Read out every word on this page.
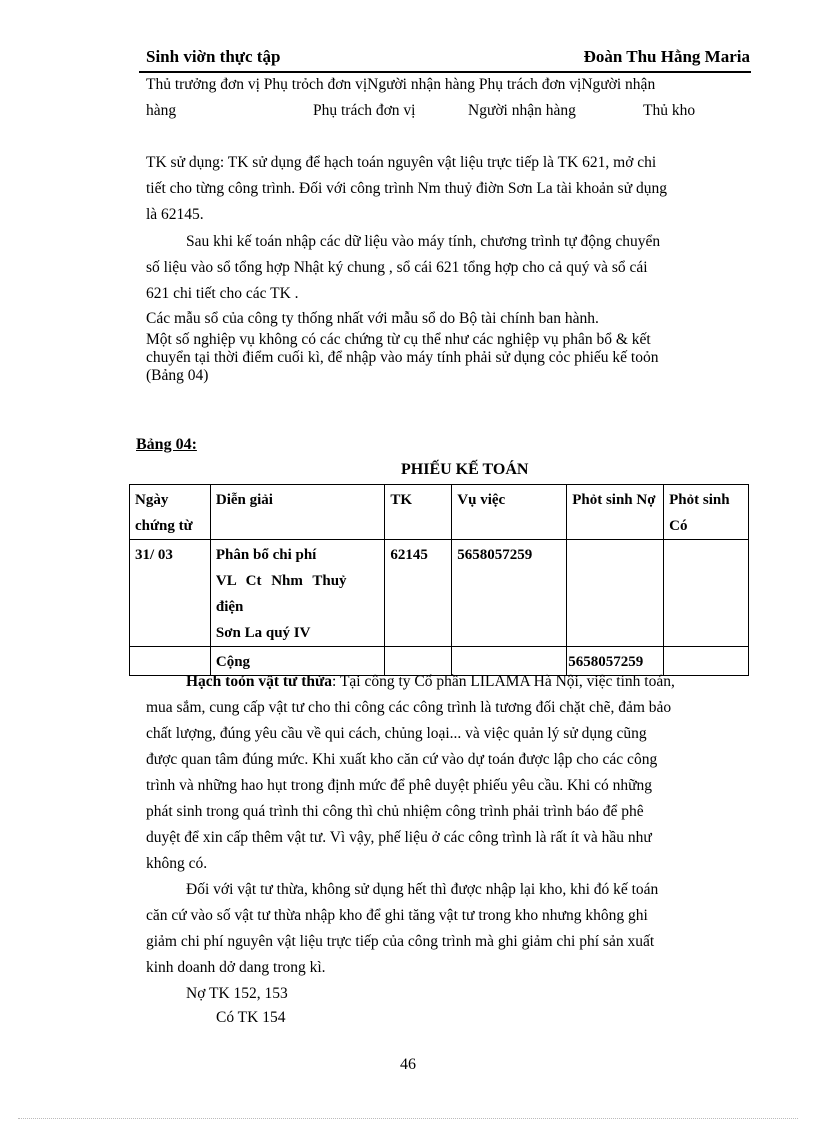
Sinh viờn thực tập	Đoàn Thu Hằng Maria
Thủ trưởng đơn vị Phụ trỏch đơn vịNgười nhận hàng Phụ trách đơn vịNgười nhận
hàng	Phụ trách đơn vị	Người nhận hàng	Thủ kho
TK sử dụng: TK sử dụng để hạch toán nguyên vật liệu trực tiếp là TK 621, mở chi
tiết cho từng công trình. Đối với công trình Nm thuỷ điờn Sơn La tài khoản sử dụng
là 62145.
Sau khi kế toán nhập các dữ liệu vào máy tính, chương trình tự động chuyển
số liệu vào sổ tổng hợp Nhật ký chung , sổ cái 621 tổng hợp cho cả quý và sổ cái
621 chi tiết cho các TK .
Các mẫu sổ của công ty thống nhất với mẫu sổ do Bộ tài chính ban hành.
Một số nghiệp vụ không có các chứng từ cụ thể như các nghiệp vụ phân bổ & kết
chuyển tại thời điểm cuối kì, để nhập vào máy tính phải sử dụng cỏc phiếu kế toỏn
(Bảng 04)
Bảng 04:
PHIẾU KẾ TOÁN
Ngày chứng từ	Diễn giải	TK	Vụ việc	Phỏt sinh Nợ	Phỏt sinh Có
31/ 03	Phân bổ chi phí
VL Ct Nhm Thuỷ
điện
Sơn La quý IV	62145	5658057259		
	Cộng			5658057259	
Hạch toỏn vật tư thừa: Tại công ty Cổ phần LILAMA Hà Nội, việc tính toán,
mua sắm, cung cấp vật tư cho thi công các công trình là tương đối chặt chẽ, đảm bảo
chất lượng, đúng yêu cầu về qui cách, chủng loại... và việc quản lý sử dụng cũng
được quan tâm đúng mức. Khi xuất kho căn cứ vào dự toán được lập cho các công
trình và những hao hụt trong định mức để phê duyệt phiếu yêu cầu. Khi có những
phát sinh trong quá trình thi công thì chủ nhiệm công trình phải trình báo để phê
duyệt để xin cấp thêm vật tư. Vì vậy, phế liệu ở các công trình là rất ít và hầu như
không có.
Đối với vật tư thừa, không sử dụng hết thì được nhập lại kho, khi đó kế toán
căn cứ vào số vật tư thừa nhập kho để ghi tăng vật tư trong kho nhưng không ghi
giảm chi phí nguyên vật liệu trực tiếp của công trình mà ghi giảm chi phí sản xuất
kinh doanh dở dang trong kì.
Nợ TK 152, 153
Có TK 154
46
